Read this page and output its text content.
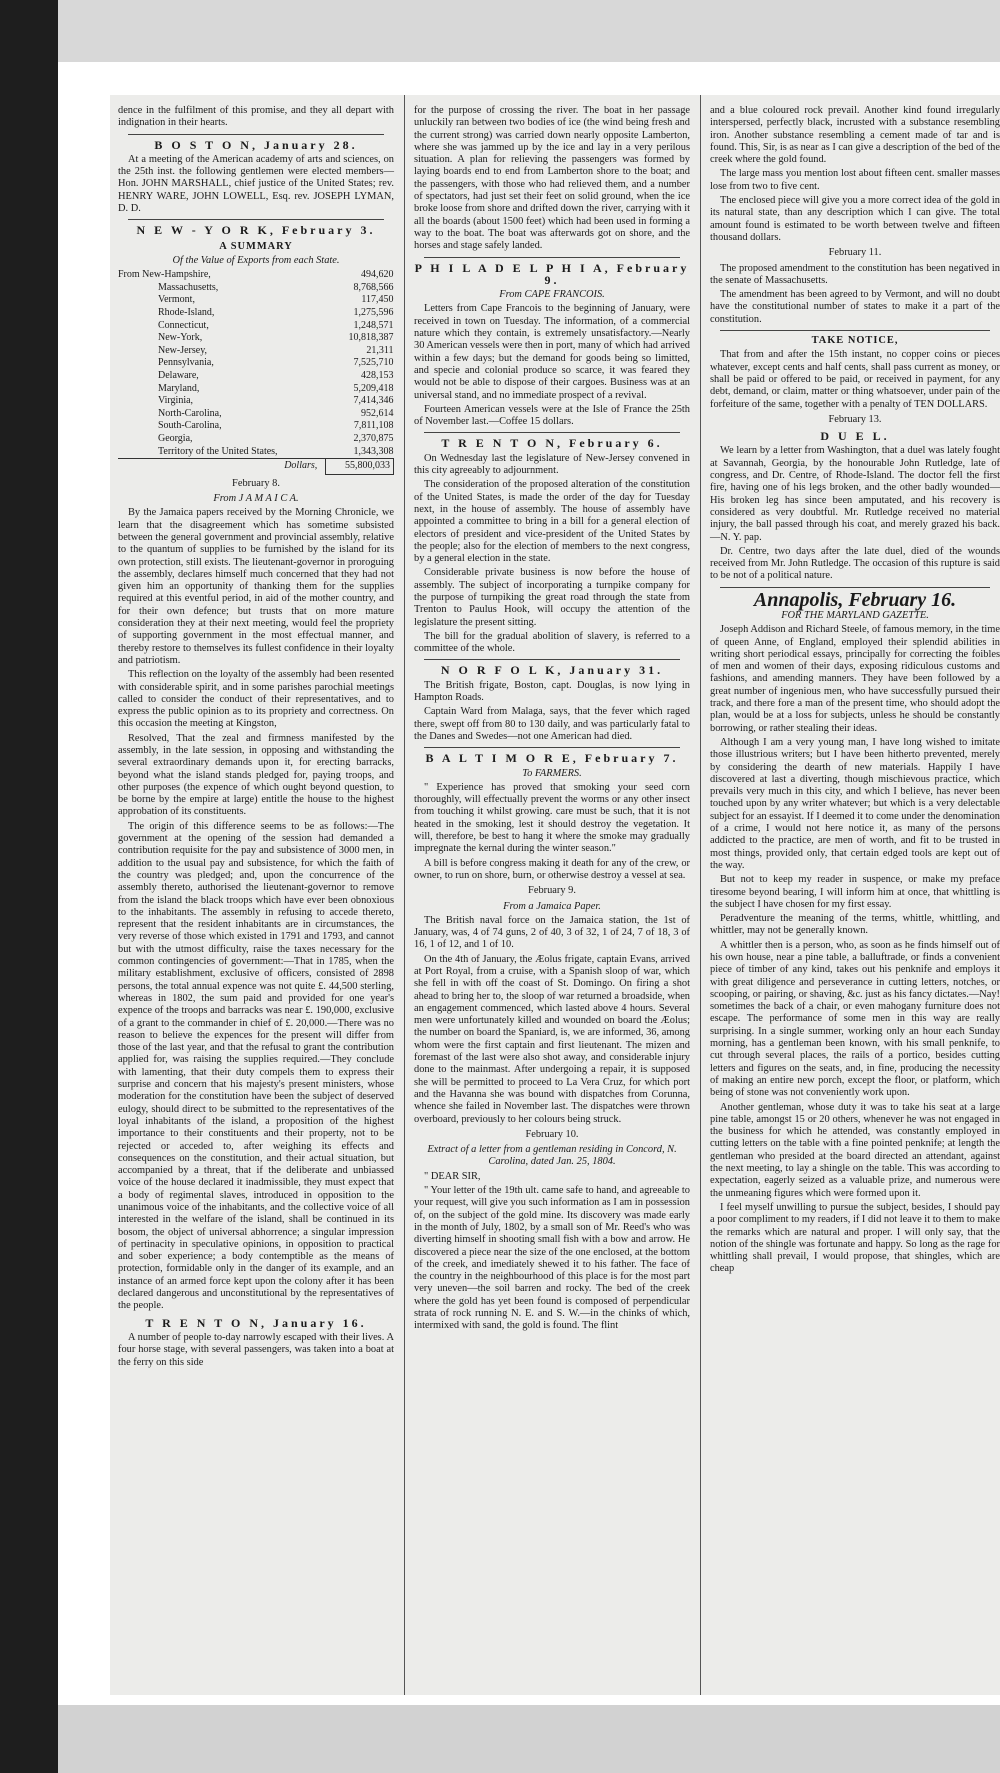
dence in the fulfilment of this promise, and they all depart with indignation in their hearts.

B O S T O N, January 28.

At a meeting of the American academy of arts and sciences, on the 25th inst. the following gentlemen were elected members—Hon. JOHN MARSHALL, chief justice of the United States; rev. HENRY WARE, JOHN LOWELL, Esq. rev. JOSEPH LYMAN, D. D.

N E W - Y O R K, February 3.
A SUMMARY
Of the Value of Exports from each State.
From New-Hampshire,	494,620
Massachusetts,	8,768,566
Vermont,	117,450
Rhode-Island,	1,275,596
Connecticut,	1,248,571
New-York,	10,818,387
New-Jersey,	21,311
Pennsylvania,	7,525,710
Delaware,	428,153
Maryland,	5,209,418
Virginia,	7,414,346
North-Carolina,	952,614
South-Carolina,	7,811,108
Georgia,	2,370,875
Territory of the United States,	1,343,308
Dollars,	55,800,033
February 8.
From J A M A I C A.

By the Jamaica papers received by the Morning Chronicle, we learn that the disagreement which has sometime subsisted between the general government and provincial assembly, relative to the quantum of supplies to be furnished by the island for its own protection, still exists. The lieutenant-governor in proroguing the assembly, declares himself much concerned that they had not given him an opportunity of thanking them for the supplies required at this eventful period, in aid of the mother country, and for their own defence; but trusts that on more mature consideration they at their next meeting, would feel the propriety of supporting government in the most effectual manner, and thereby restore to themselves its fullest confidence in their loyalty and patriotism.

This reflection on the loyalty of the assembly had been resented with considerable spirit, and in some parishes parochial meetings called to consider the conduct of their representatives, and to express the public opinion as to its propriety and correctness. On this occasion the meeting at Kingston,

Resolved, That the zeal and firmness manifested by the assembly, in the late session, in opposing and withstanding the several extraordinary demands upon it, for erecting barracks, beyond what the island stands pledged for, paying troops, and other purposes (the expence of which ought beyond question, to be borne by the empire at large) entitle the house to the highest approbation of its constituents.

The origin of this difference seems to be as follows:—The government at the opening of the session had demanded a contribution requisite for the pay and subsistence of 3000 men, in addition to the usual pay and subsistence, for which the faith of the country was pledged; and, upon the concurrence of the assembly thereto, authorised the lieutenant-governor to remove from the island the black troops which have ever been obnoxious to the inhabitants. The assembly in refusing to accede thereto, represent that the resident inhabitants are in circumstances, the very reverse of those which existed in 1791 and 1793, and cannot but with the utmost difficulty, raise the taxes necessary for the common contingencies of government:—That in 1785, when the military establishment, exclusive of officers, consisted of 2898 persons, the total annual expence was not quite £. 44,500 sterling, whereas in 1802, the sum paid and provided for one year's expence of the troops and barracks was near £. 190,000, exclusive of a grant to the commander in chief of £. 20,000.—There was no reason to believe the expences for the present will differ from those of the last year, and that the refusal to grant the contribution applied for, was raising the supplies required.—They conclude with lamenting, that their duty compels them to express their surprise and concern that his majesty's present ministers, whose moderation for the constitution have been the subject of deserved eulogy, should direct to be submitted to the representatives of the loyal inhabitants of the island, a proposition of the highest importance to their constituents and their property, not to be rejected or acceded to, after weighing its effects and consequences on the constitution, and their actual situation, but accompanied by a threat, that if the deliberate and unbiassed voice of the house declared it inadmissible, they must expect that a body of regimental slaves, introduced in opposition to the unanimous voice of the inhabitants, and the collective voice of all interested in the welfare of the island, shall be continued in its bosom, the object of universal abhorrence; a singular impression of pertinacity in speculative opinions, in opposition to practical and sober experience; a body contemptible as the means of protection, formidable only in the danger of its example, and an instance of an armed force kept upon the colony after it has been declared dangerous and unconstitutional by the representatives of the people.

T R E N T O N, January 16.

A number of people to-day narrowly escaped with their lives. A four horse stage, with several passengers, was taken into a boat at the ferry on this side

for the purpose of crossing the river. The boat in her passage unluckily ran between two bodies of ice (the wind being fresh and the current strong) was carried down nearly opposite Lamberton, where she was jammed up by the ice and lay in a very perilous situation. A plan for relieving the passengers was formed by laying boards end to end from Lamberton shore to the boat; and the passengers, with those who had relieved them, and a number of spectators, had just set their feet on solid ground, when the ice broke loose from shore and drifted down the river, carrying with it all the boards (about 1500 feet) which had been used in forming a way to the boat. The boat was afterwards got on shore, and the horses and stage safely landed.

P H I L A D E L P H I A, February 9.
From CAPE FRANCOIS.

Letters from Cape Francois to the beginning of January, were received in town on Tuesday. The information, of a commercial nature which they contain, is extremely unsatisfactory.—Nearly 30 American vessels were then in port, many of which had arrived within a few days; but the demand for goods being so limitted, and specie and colonial produce so scarce, it was feared they would not be able to dispose of their cargoes. Business was at an universal stand, and no immediate prospect of a revival.

Fourteen American vessels were at the Isle of France the 25th of November last.—Coffee 15 dollars.

T R E N T O N, February 6.

On Wednesday last the legislature of New-Jersey convened in this city agreeably to adjournment.

The consideration of the proposed alteration of the constitution of the United States, is made the order of the day for Tuesday next, in the house of assembly. The house of assembly have appointed a committee to bring in a bill for a general election of electors of president and vice-president of the United States by the people; also for the election of members to the next congress, by a general election in the state.

Considerable private business is now before the house of assembly. The subject of incorporating a turnpike company for the purpose of turnpiking the great road through the state from Trenton to Paulus Hook, will occupy the attention of the legislature the present sitting.

The bill for the gradual abolition of slavery, is referred to a committee of the whole.

N O R F O L K, January 31.

The British frigate, Boston, capt. Douglas, is now lying in Hampton Roads.

Captain Ward from Malaga, says, that the fever which raged there, swept off from 80 to 130 daily, and was particularly fatal to the Danes and Swedes—not one American had died.

B A L T I M O R E, February 7.
To FARMERS.

" Experience has proved that smoking your seed corn thoroughly, will effectually prevent the worms or any other insect from touching it whilst growing. care must be such, that it is not heated in the smoking, lest it should destroy the vegetation. It will, therefore, be best to hang it where the smoke may gradually impregnate the kernal during the winter season."

A bill is before congress making it death for any of the crew, or owner, to run on shore, burn, or otherwise destroy a vessel at sea.

February 9.
From a Jamaica Paper.

The British naval force on the Jamaica station, the 1st of January, was, 4 of 74 guns, 2 of 40, 3 of 32, 1 of 24, 7 of 18, 3 of 16, 1 of 12, and 1 of 10.

On the 4th of January, the Æolus frigate, captain Evans, arrived at Port Royal, from a cruise, with a Spanish sloop of war, which she fell in with off the coast of St. Domingo. On firing a shot ahead to bring her to, the sloop of war returned a broadside, when an engagement commenced, which lasted above 4 hours. Several men were unfortunately killed and wounded on board the Æolus; the number on board the Spaniard, is, we are informed, 36, among whom were the first captain and first lieutenant. The mizen and foremast of the last were also shot away, and considerable injury done to the mainmast. After undergoing a repair, it is supposed she will be permitted to proceed to La Vera Cruz, for which port and the Havanna she was bound with dispatches from Corunna, whence she failed in November last. The dispatches were thrown overboard, previously to her colours being struck.

February 10.
Extract of a letter from a gentleman residing in Concord, N. Carolina, dated Jan. 25, 1804.

" DEAR SIR,

" Your letter of the 19th ult. came safe to hand, and agreeable to your request, will give you such information as I am in possession of, on the subject of the gold mine. Its discovery was made early in the month of July, 1802, by a small son of Mr. Reed's who was diverting himself in shooting small fish with a bow and arrow. He discovered a piece near the size of the one enclosed, at the bottom of the creek, and imediately shewed it to his father. The face of the country in the neighbourhood of this place is for the most part very uneven—the soil barren and rocky. The bed of the creek where the gold has yet been found is composed of perpendicular strata of rock running N. E. and S. W.—in the chinks of which, intermixed with sand, the gold is found. The flint

and a blue coloured rock prevail. Another kind found irregularly interspersed, perfectly black, incrusted with a substance resembling iron. Another substance resembling a cement made of tar and is found. This, Sir, is as near as I can give a description of the bed of the creek where the gold found.

The large mass you mention lost about fifteen cent. smaller masses lose from two to five cent.

The enclosed piece will give you a more correct idea of the gold in its natural state, than any description which I can give. The total amount found is estimated to be worth between twelve and fifteen thousand dollars.

February 11.

The proposed amendment to the constitution has been negatived in the senate of Massachusetts.

The amendment has been agreed to by Vermont, and will no doubt have the constitutional number of states to make it a part of the constitution.

TAKE NOTICE,

That from and after the 15th instant, no copper coins or pieces whatever, except cents and half cents, shall pass current as money, or shall be paid or offered to be paid, or received in payment, for any debt, demand, or claim, matter or thing whatsoever, under pain of the forfeiture of the same, together with a penalty of TEN DOLLARS.

February 13.
D U E L.

We learn by a letter from Washington, that a duel was lately fought at Savannah, Georgia, by the honourable John Rutledge, late of congress, and Dr. Centre, of Rhode-Island. The doctor fell the first fire, having one of his legs broken, and the other badly wounded—His broken leg has since been amputated, and his recovery is considered as very doubtful. Mr. Rutledge received no material injury, the ball passed through his coat, and merely grazed his back.—N. Y. pap.

Dr. Centre, two days after the late duel, died of the wounds received from Mr. John Rutledge. The occasion of this rupture is said to be not of a political nature.

Annapolis, February 16.
FOR THE MARYLAND GAZETTE.

Joseph Addison and Richard Steele, of famous memory, in the time of queen Anne, of England, employed their splendid abilities in writing short periodical essays, principally for correcting the foibles of men and women of their days, exposing ridiculous customs and fashions, and amending manners. They have been followed by a great number of ingenious men, who have successfully pursued their track, and there fore a man of the present time, who should adopt the plan, would be at a loss for subjects, unless he should be constantly borrowing, or rather stealing their ideas.

Although I am a very young man, I have long wished to imitate those illustrious writers; but I have been hitherto prevented, merely by considering the dearth of new materials. Happily I have discovered at last a diverting, though mischievous practice, which prevails very much in this city, and which I believe, has never been touched upon by any writer whatever; but which is a very delectable subject for an essayist. If I deemed it to come under the denomination of a crime, I would not here notice it, as many of the persons addicted to the practice, are men of worth, and fit to be trusted in most things, provided only, that certain edged tools are kept out of the way.

But not to keep my reader in suspence, or make my preface tiresome beyond bearing, I will inform him at once, that whittling is the subject I have chosen for my first essay.

Peradventure the meaning of the terms, whittle, whittling, and whittler, may not be generally known.

A whittler then is a person, who, as soon as he finds himself out of his own house, near a pine table, a balluftrade, or finds a convenient piece of timber of any kind, takes out his penknife and employs it with great diligence and perseverance in cutting letters, notches, or scooping, or pairing, or shaving, &c. just as his fancy dictates.—Nay! sometimes the back of a chair, or even mahogany furniture does not escape. The performance of some men in this way are really surprising. In a single summer, working only an hour each Sunday morning, has a gentleman been known, with his small penknife, to cut through several places, the rails of a portico, besides cutting letters and figures on the seats, and, in fine, producing the necessity of making an entire new porch, except the floor, or platform, which being of stone was not conveniently work upon.

Another gentleman, whose duty it was to take his seat at a large pine table, amongst 15 or 20 others, whenever he was not engaged in the business for which he attended, was constantly employed in cutting letters on the table with a fine pointed penknife; at length the gentleman who presided at the board directed an attendant, against the next meeting, to lay a shingle on the table. This was according to expectation, eagerly seized as a valuable prize, and numerous were the unmeaning figures which were formed upon it.

I feel myself unwilling to pursue the subject, besides, I should pay a poor compliment to my readers, if I did not leave it to them to make the remarks which are natural and proper. I will only say, that the notion of the shingle was fortunate and happy. So long as the rage for whittling shall prevail, I would propose, that shingles, which are cheap
